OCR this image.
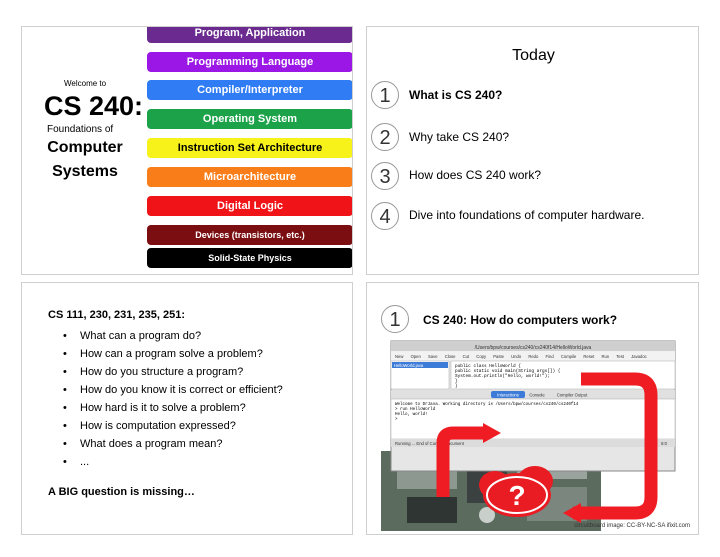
Welcome to
CS 240:
Foundations of
Computer
Systems
Program, Application
Programming Language
Compiler/Interpreter
Operating System
Instruction Set Architecture
Microarchitecture
Digital Logic
Devices (transistors, etc.)
Solid-State Physics
Today
1	What is CS 240?
2	Why take CS 240?
3	How does CS 240 work?
4	Dive into foundations of computer hardware.
CS 111, 230, 231, 235, 251:
• What can a program do?
• How can a program solve a problem?
• How do you structure a program?
• How do you know it is correct or efficient?
• How hard is it to solve a problem?
• How is computation expressed?
• What does a program mean?
• ...
A BIG question is missing…
1	CS 240: How do computers work?
/Users/bpw/courses/cs240/cs240f14/HelloWorld.java
New Open Save Close Cut Copy Paste Undo Redo Find Compile Reset Run Test Javadoc
HelloWorld.java	public class HelloWorld { public static void main(String args[]) { System.out.println("Hello, world!"); } }
Interactions Console	Compiler Output
Welcome to DrJava. Working directory is /Users/bpw/courses/cs240/cs240f14 > run HelloWorld Hello, world! >
Running ... End of Current Document	8:0
?
circuitboard image: CC-BY-NC-SA ifixit.com
